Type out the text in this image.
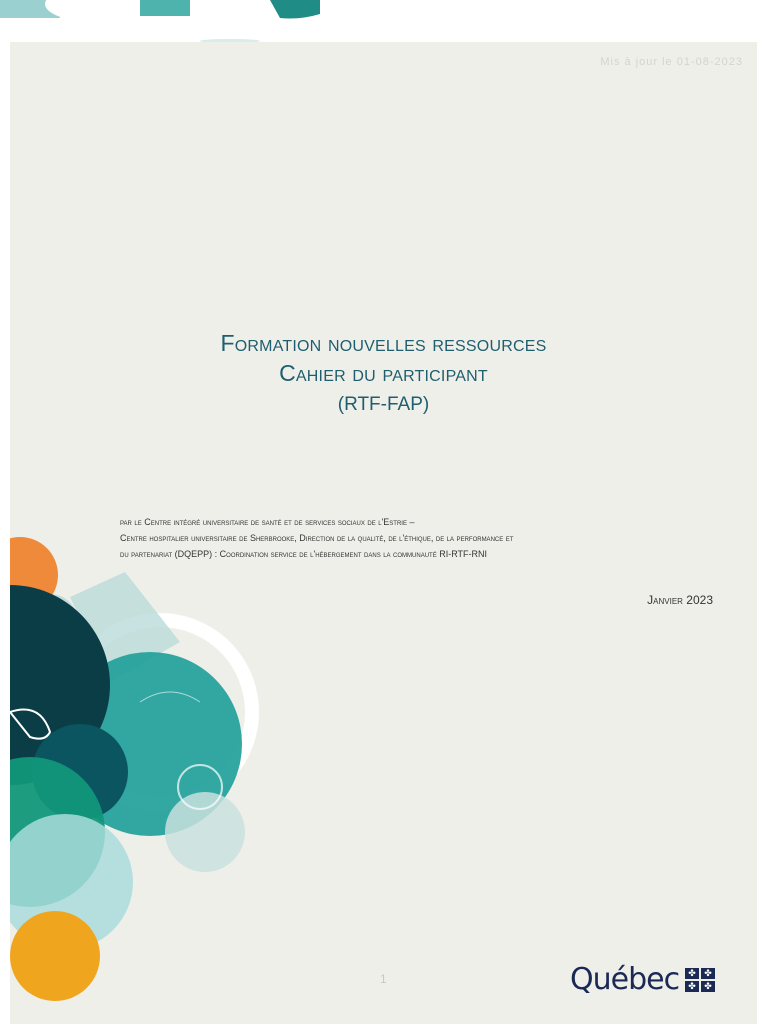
Mis à jour le 01-08-2023
Formation nouvelles ressources
Cahier du participant
(RTF-FAP)
par le Centre intégré universitaire de santé et de services sociaux de l'Estrie –
Centre hospitalier universitaire de Sherbrooke, Direction de la qualité, de l'éthique, de la performance et
du partenariat (DQEPP) : Coordination service de l'hébergement dans la communauté RI-RTF-RNI
Janvier 2023
1	Québec	✤ ✤
✤ ✤
